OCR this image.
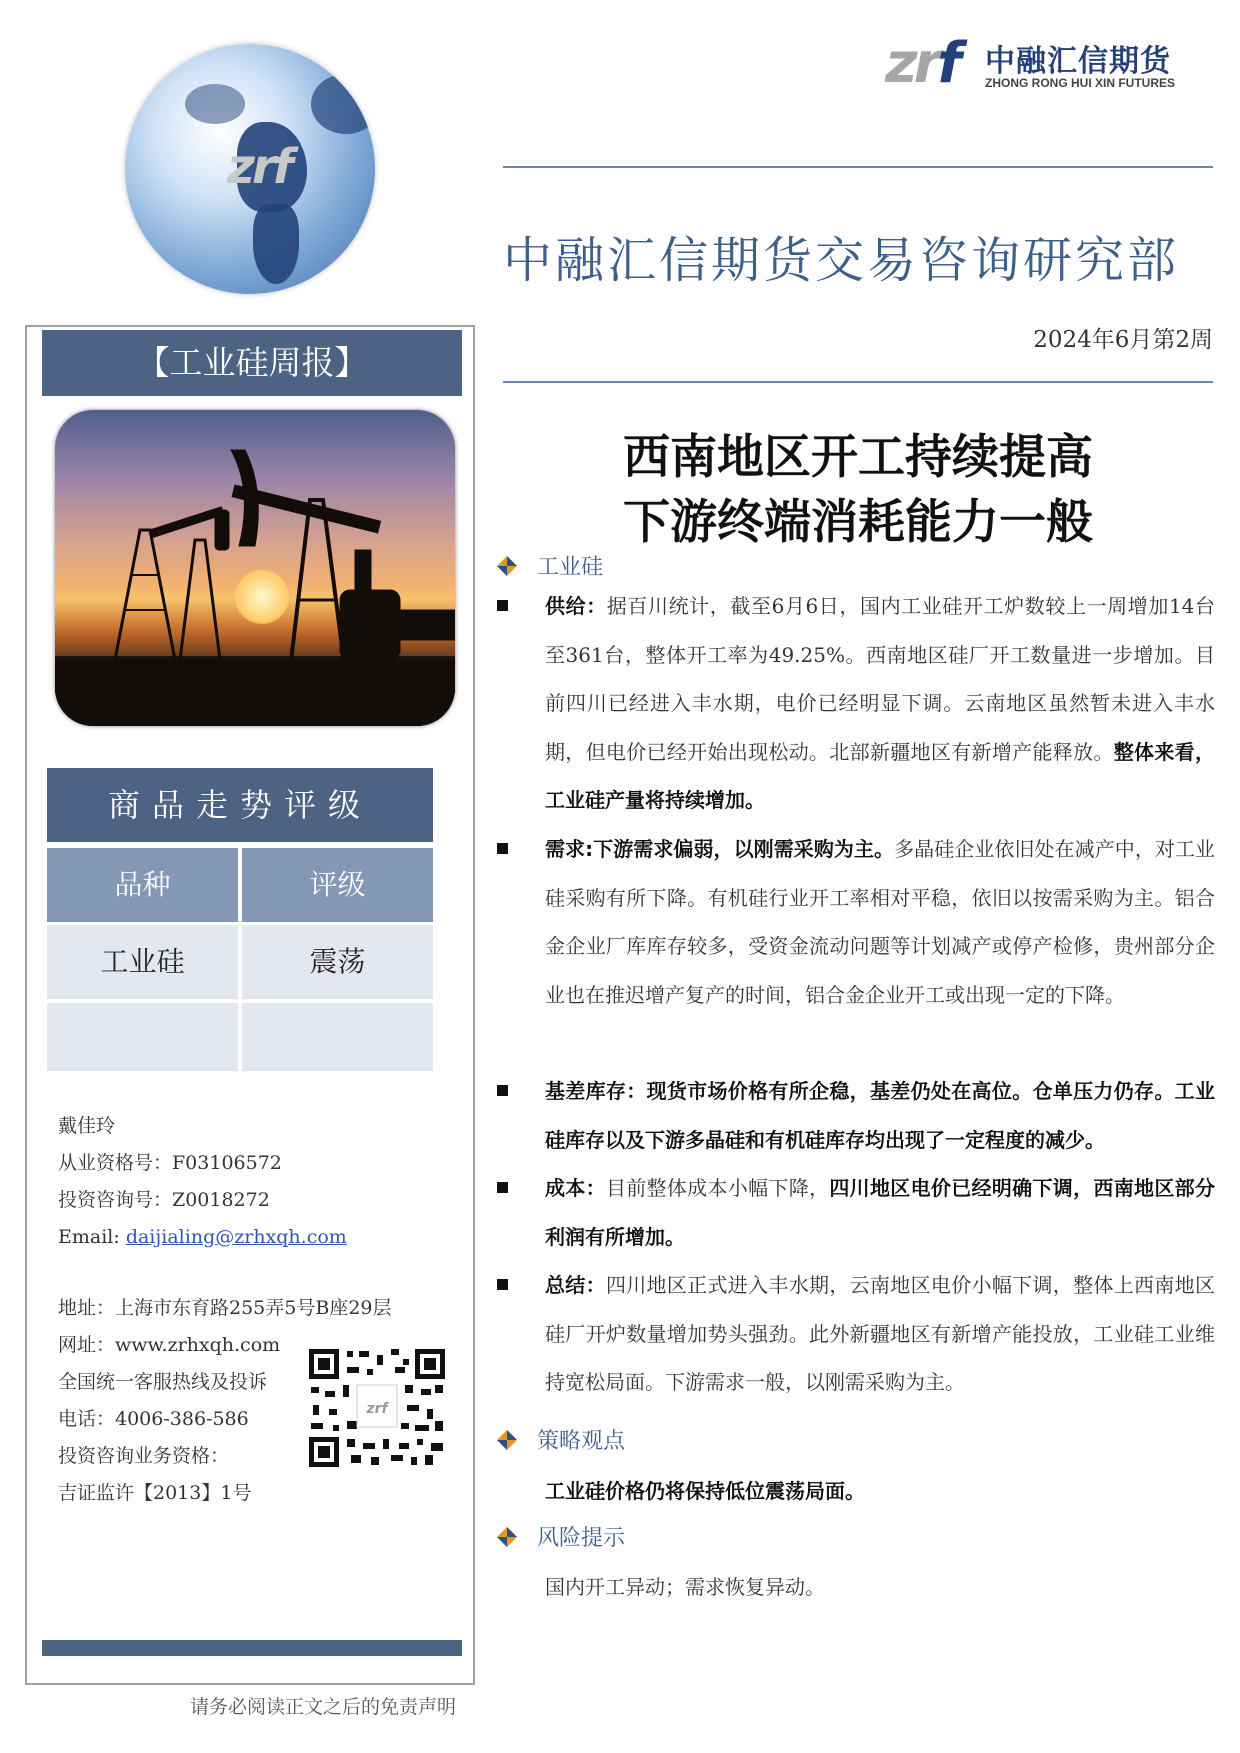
zrf
zrf 中融汇信期货
ZHONG RONG HUI XIN FUTURES
中融汇信期货交易咨询研究部
2024年6月第2周
西南地区开工持续提高
下游终端消耗能力一般
【工业硅周报】
商品走势评级
品种	评级
工业硅	震荡
戴佳玲
从业资格号：F03106572
投资咨询号：Z0018272
Email: daijialing@zrhxqh.com
地址：上海市东育路255弄5号B座29层
网址：www.zrhxqh.com
全国统一客服热线及投诉
电话：4006-386-586
投资咨询业务资格：
吉证监许【2013】1号
zrf
请务必阅读正文之后的免责声明
工业硅
供给：据百川统计，截至6月6日，国内工业硅开工炉数较上一周增加14台至361台，整体开工率为49.25%。西南地区硅厂开工数量进一步增加。目前四川已经进入丰水期，电价已经明显下调。云南地区虽然暂未进入丰水期，但电价已经开始出现松动。北部新疆地区有新增产能释放。整体来看，工业硅产量将持续增加。
需求:下游需求偏弱，以刚需采购为主。多晶硅企业依旧处在减产中，对工业硅采购有所下降。有机硅行业开工率相对平稳，依旧以按需采购为主。铝合金企业厂库库存较多，受资金流动问题等计划减产或停产检修，贵州部分企业也在推迟增产复产的时间，铝合金企业开工或出现一定的下降。
基差库存：现货市场价格有所企稳，基差仍处在高位。仓单压力仍存。工业硅库存以及下游多晶硅和有机硅库存均出现了一定程度的减少。
成本：目前整体成本小幅下降，四川地区电价已经明确下调，西南地区部分利润有所增加。
总结：四川地区正式进入丰水期，云南地区电价小幅下调，整体上西南地区硅厂开炉数量增加势头强劲。此外新疆地区有新增产能投放，工业硅工业维持宽松局面。下游需求一般，以刚需采购为主。
策略观点
工业硅价格仍将保持低位震荡局面。
风险提示
国内开工异动；需求恢复异动。
